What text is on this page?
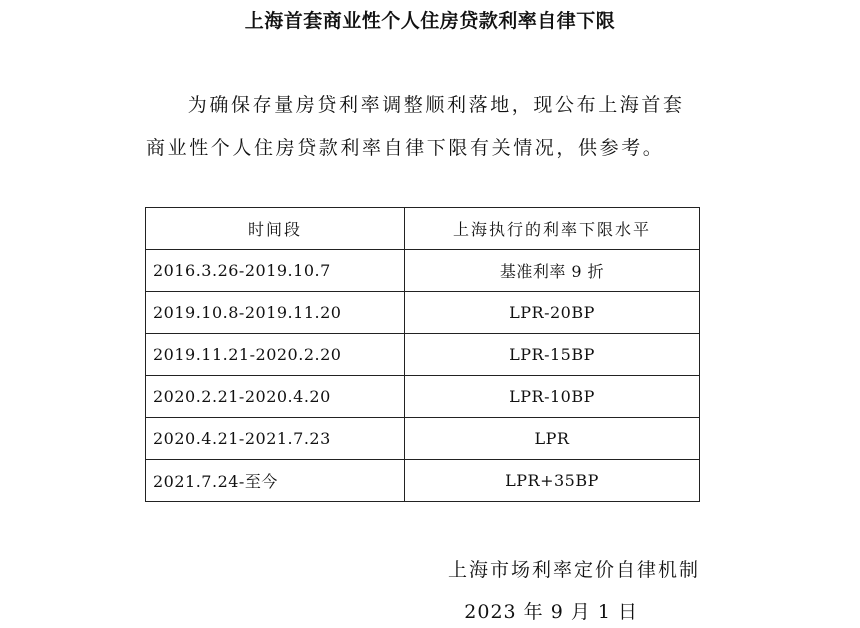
上海首套商业性个人住房贷款利率自律下限
为确保存量房贷利率调整顺利落地，现公布上海首套商业性个人住房贷款利率自律下限有关情况，供参考。
时间段	上海执行的利率下限水平
2016.3.26-2019.10.7	基准利率 9 折
2019.10.8-2019.11.20	LPR-20BP
2019.11.21-2020.2.20	LPR-15BP
2020.2.21-2020.4.20	LPR-10BP
2020.4.21-2021.7.23	LPR
2021.7.24-至今	LPR+35BP
上海市场利率定价自律机制
2023 年 9 月 1 日
